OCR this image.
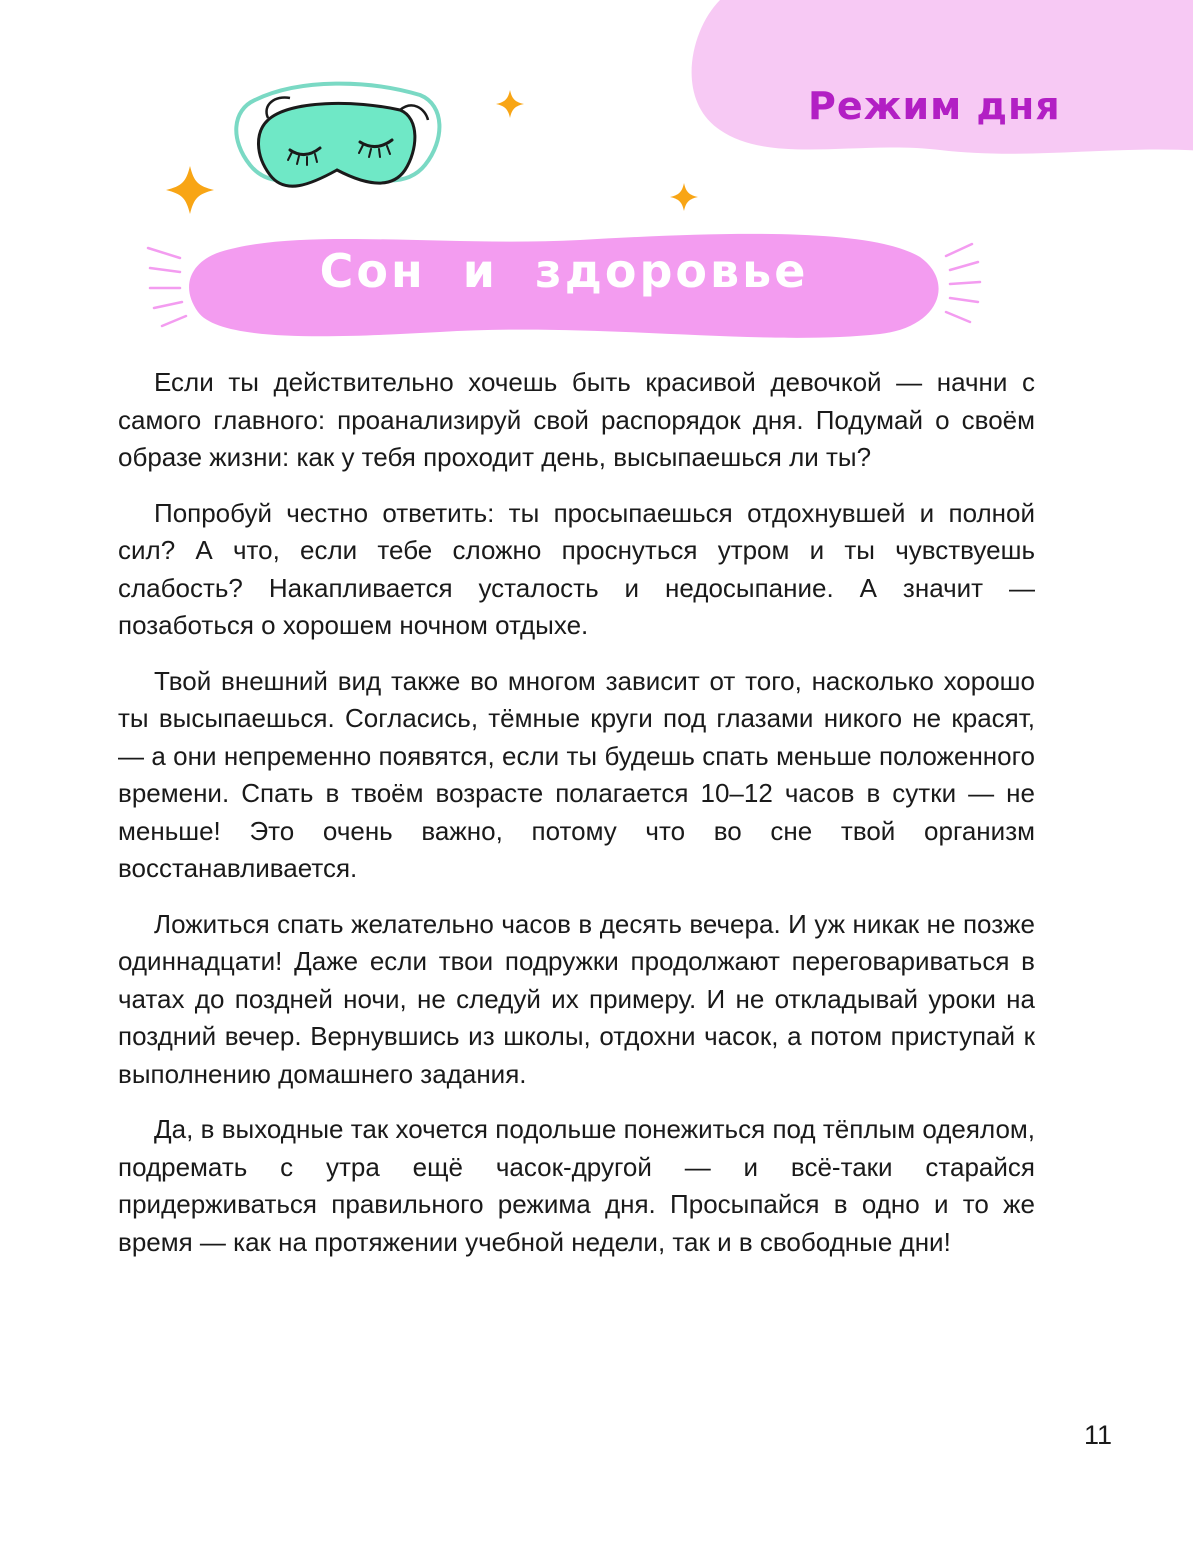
Режим дня
Сон и здоровье

Если ты действительно хочешь быть красивой девочкой — начни с самого главного: проанализируй свой распорядок дня. Подумай о своём образе жизни: как у тебя проходит день, высыпаешься ли ты?

Попробуй честно ответить: ты просыпаешься отдохнувшей и полной сил? А что, если тебе сложно проснуться утром и ты чувствуешь слабость? Накапливается усталость и недосыпание. А значит — позаботься о хорошем ночном отдыхе.

Твой внешний вид также во многом зависит от того, насколько хорошо ты высыпаешься. Согласись, тёмные круги под глазами никого не красят, — а они непременно появятся, если ты будешь спать меньше положенного времени. Спать в твоём возрасте полагается 10–12 часов в сутки — не меньше! Это очень важно, потому что во сне твой организм восстанавливается.

Ложиться спать желательно часов в десять вечера. И уж никак не позже одиннадцати! Даже если твои подружки продолжают переговариваться в чатах до поздней ночи, не следуй их примеру. И не откладывай уроки на поздний вечер. Вернувшись из школы, отдохни часок, а потом приступай к выполнению домашнего задания.

Да, в выходные так хочется подольше понежиться под тёплым одеялом, подремать с утра ещё часок-другой — и всё-таки старайся придерживаться правильного режима дня. Просыпайся в одно и то же время — как на протяжении учебной недели, так и в свободные дни!

11
